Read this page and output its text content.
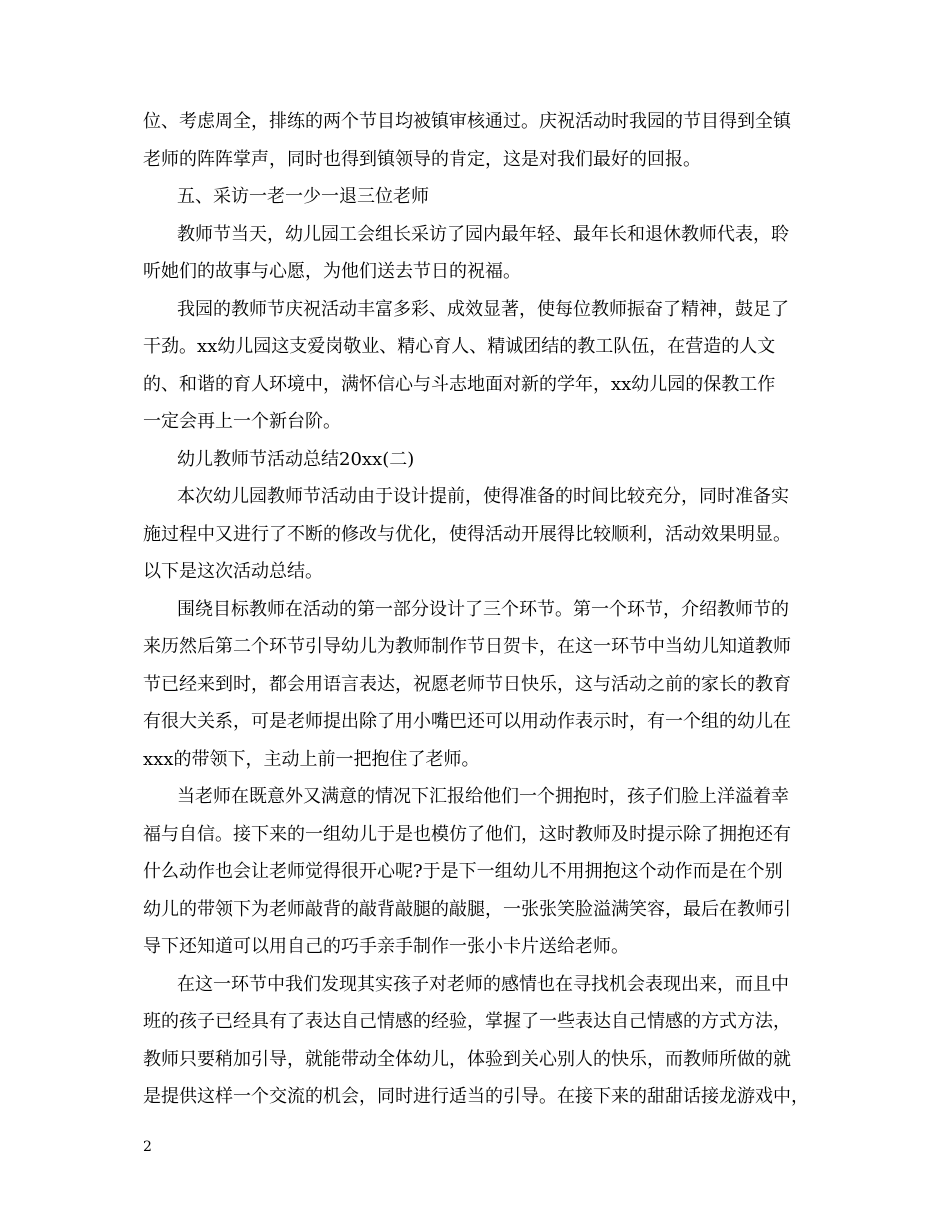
位、考虑周全，排练的两个节目均被镇审核通过。庆祝活动时我园的节目得到全镇
老师的阵阵掌声，同时也得到镇领导的肯定，这是对我们最好的回报。
五、采访一老一少一退三位老师
教师节当天，幼儿园工会组长采访了园内最年轻、最年长和退休教师代表，聆
听她们的故事与心愿，为他们送去节日的祝福。
我园的教师节庆祝活动丰富多彩、成效显著，使每位教师振奋了精神，鼓足了
干劲。xx幼儿园这支爱岗敬业、精心育人、精诚团结的教工队伍，在营造的人文
的、和谐的育人环境中，满怀信心与斗志地面对新的学年，xx幼儿园的保教工作
一定会再上一个新台阶。
幼儿教师节活动总结20xx(二)
本次幼儿园教师节活动由于设计提前，使得准备的时间比较充分，同时准备实
施过程中又进行了不断的修改与优化，使得活动开展得比较顺利，活动效果明显。
以下是这次活动总结。
围绕目标教师在活动的第一部分设计了三个环节。第一个环节，介绍教师节的
来历然后第二个环节引导幼儿为教师制作节日贺卡，在这一环节中当幼儿知道教师
节已经来到时，都会用语言表达，祝愿老师节日快乐，这与活动之前的家长的教育
有很大关系，可是老师提出除了用小嘴巴还可以用动作表示时，有一个组的幼儿在
xxx的带领下，主动上前一把抱住了老师。
当老师在既意外又满意的情况下汇报给他们一个拥抱时，孩子们脸上洋溢着幸
福与自信。接下来的一组幼儿于是也模仿了他们，这时教师及时提示除了拥抱还有
什么动作也会让老师觉得很开心呢?于是下一组幼儿不用拥抱这个动作而是在个别
幼儿的带领下为老师敲背的敲背敲腿的敲腿，一张张笑脸溢满笑容，最后在教师引
导下还知道可以用自己的巧手亲手制作一张小卡片送给老师。
在这一环节中我们发现其实孩子对老师的感情也在寻找机会表现出来，而且中
班的孩子已经具有了表达自己情感的经验，掌握了一些表达自己情感的方式方法，
教师只要稍加引导，就能带动全体幼儿，体验到关心别人的快乐，而教师所做的就
是提供这样一个交流的机会，同时进行适当的引导。在接下来的甜甜话接龙游戏中，
2
